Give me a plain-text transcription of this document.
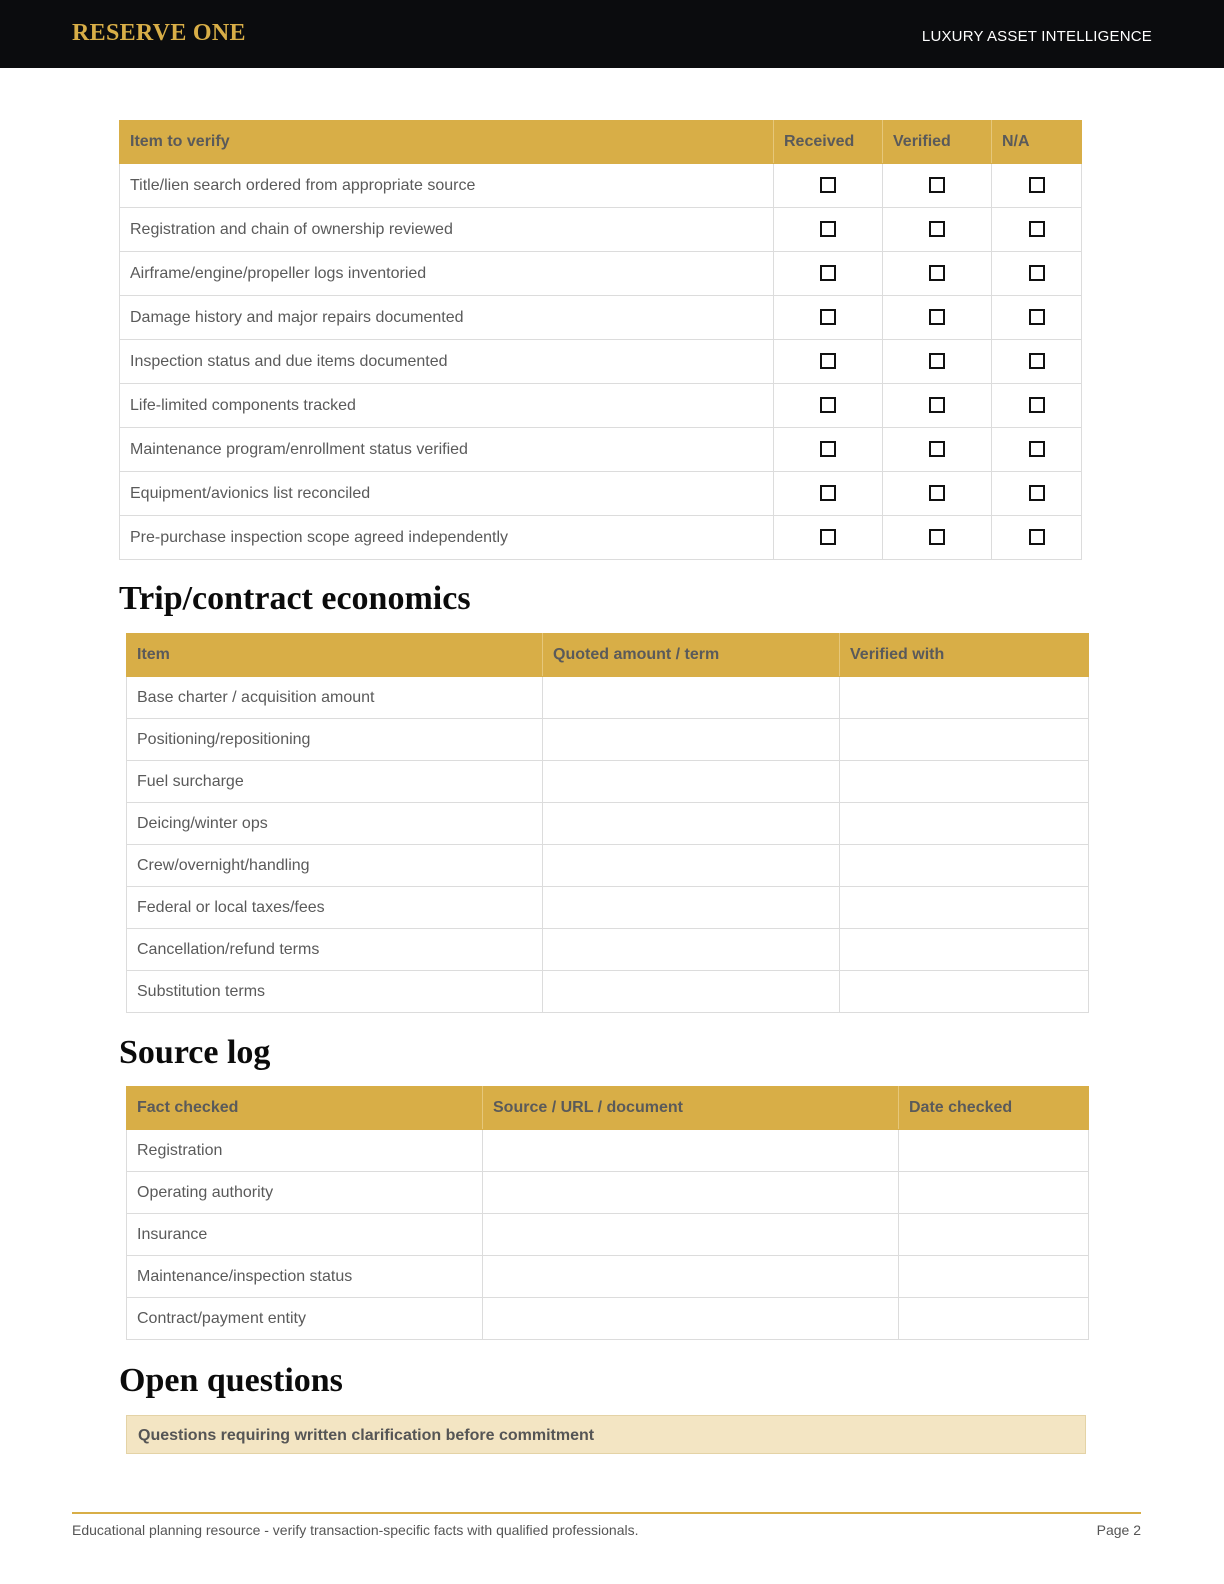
RESERVE ONE	LUXURY ASSET INTELLIGENCE
Item to verify	Received	Verified	N/A
Title/lien search ordered from appropriate source			
Registration and chain of ownership reviewed			
Airframe/engine/propeller logs inventoried			
Damage history and major repairs documented			
Inspection status and due items documented			
Life-limited components tracked			
Maintenance program/enrollment status verified			
Equipment/avionics list reconciled			
Pre-purchase inspection scope agreed independently			
Trip/contract economics
Item	Quoted amount / term	Verified with
Base charter / acquisition amount		
Positioning/repositioning		
Fuel surcharge		
Deicing/winter ops		
Crew/overnight/handling		
Federal or local taxes/fees		
Cancellation/refund terms		
Substitution terms		
Source log
Fact checked	Source / URL / document	Date checked
Registration		
Operating authority		
Insurance		
Maintenance/inspection status		
Contract/payment entity		
Open questions
Questions requiring written clarification before commitment
Educational planning resource - verify transaction-specific facts with qualified professionals.	Page 2
